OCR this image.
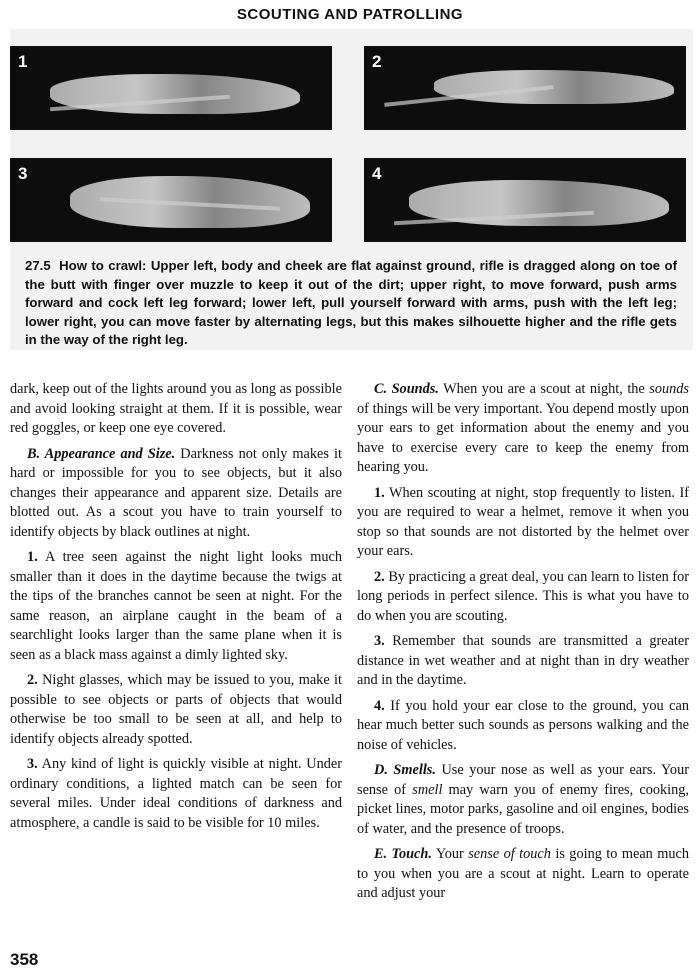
SCOUTING AND PATROLLING
1	2
3	4
27.5 How to crawl: Upper left, body and cheek are flat against ground, rifle is dragged along on toe of the butt with finger over muzzle to keep it out of the dirt; upper right, to move forward, push arms forward and cock left leg forward; lower left, pull yourself forward with arms, push with the left leg; lower right, you can move faster by alternating legs, but this makes silhouette higher and the rifle gets in the way of the right leg.

dark, keep out of the lights around you as long as possible and avoid looking straight at them. If it is possible, wear red goggles, or keep one eye covered.

B. Appearance and Size. Darkness not only makes it hard or impossible for you to see objects, but it also changes their appearance and apparent size. Details are blotted out. As a scout you have to train yourself to identify objects by black outlines at night.

1. A tree seen against the night light looks much smaller than it does in the daytime because the twigs at the tips of the branches cannot be seen at night. For the same reason, an airplane caught in the beam of a searchlight looks larger than the same plane when it is seen as a black mass against a dimly lighted sky.

2. Night glasses, which may be issued to you, make it possible to see objects or parts of objects that would otherwise be too small to be seen at all, and help to identify objects already spotted.

3. Any kind of light is quickly visible at night. Under ordinary conditions, a lighted match can be seen for several miles. Under ideal conditions of darkness and atmosphere, a candle is said to be visible for 10 miles.

C. Sounds. When you are a scout at night, the sounds of things will be very important. You depend mostly upon your ears to get information about the enemy and you have to exercise every care to keep the enemy from hearing you.

1. When scouting at night, stop frequently to listen. If you are required to wear a helmet, remove it when you stop so that sounds are not distorted by the helmet over your ears.

2. By practicing a great deal, you can learn to listen for long periods in perfect silence. This is what you have to do when you are scouting.

3. Remember that sounds are transmitted a greater distance in wet weather and at night than in dry weather and in the daytime.

4. If you hold your ear close to the ground, you can hear much better such sounds as persons walking and the noise of vehicles.

D. Smells. Use your nose as well as your ears. Your sense of smell may warn you of enemy fires, cooking, picket lines, motor parks, gasoline and oil engines, bodies of water, and the presence of troops.

E. Touch. Your sense of touch is going to mean much to you when you are a scout at night. Learn to operate and adjust your

358
